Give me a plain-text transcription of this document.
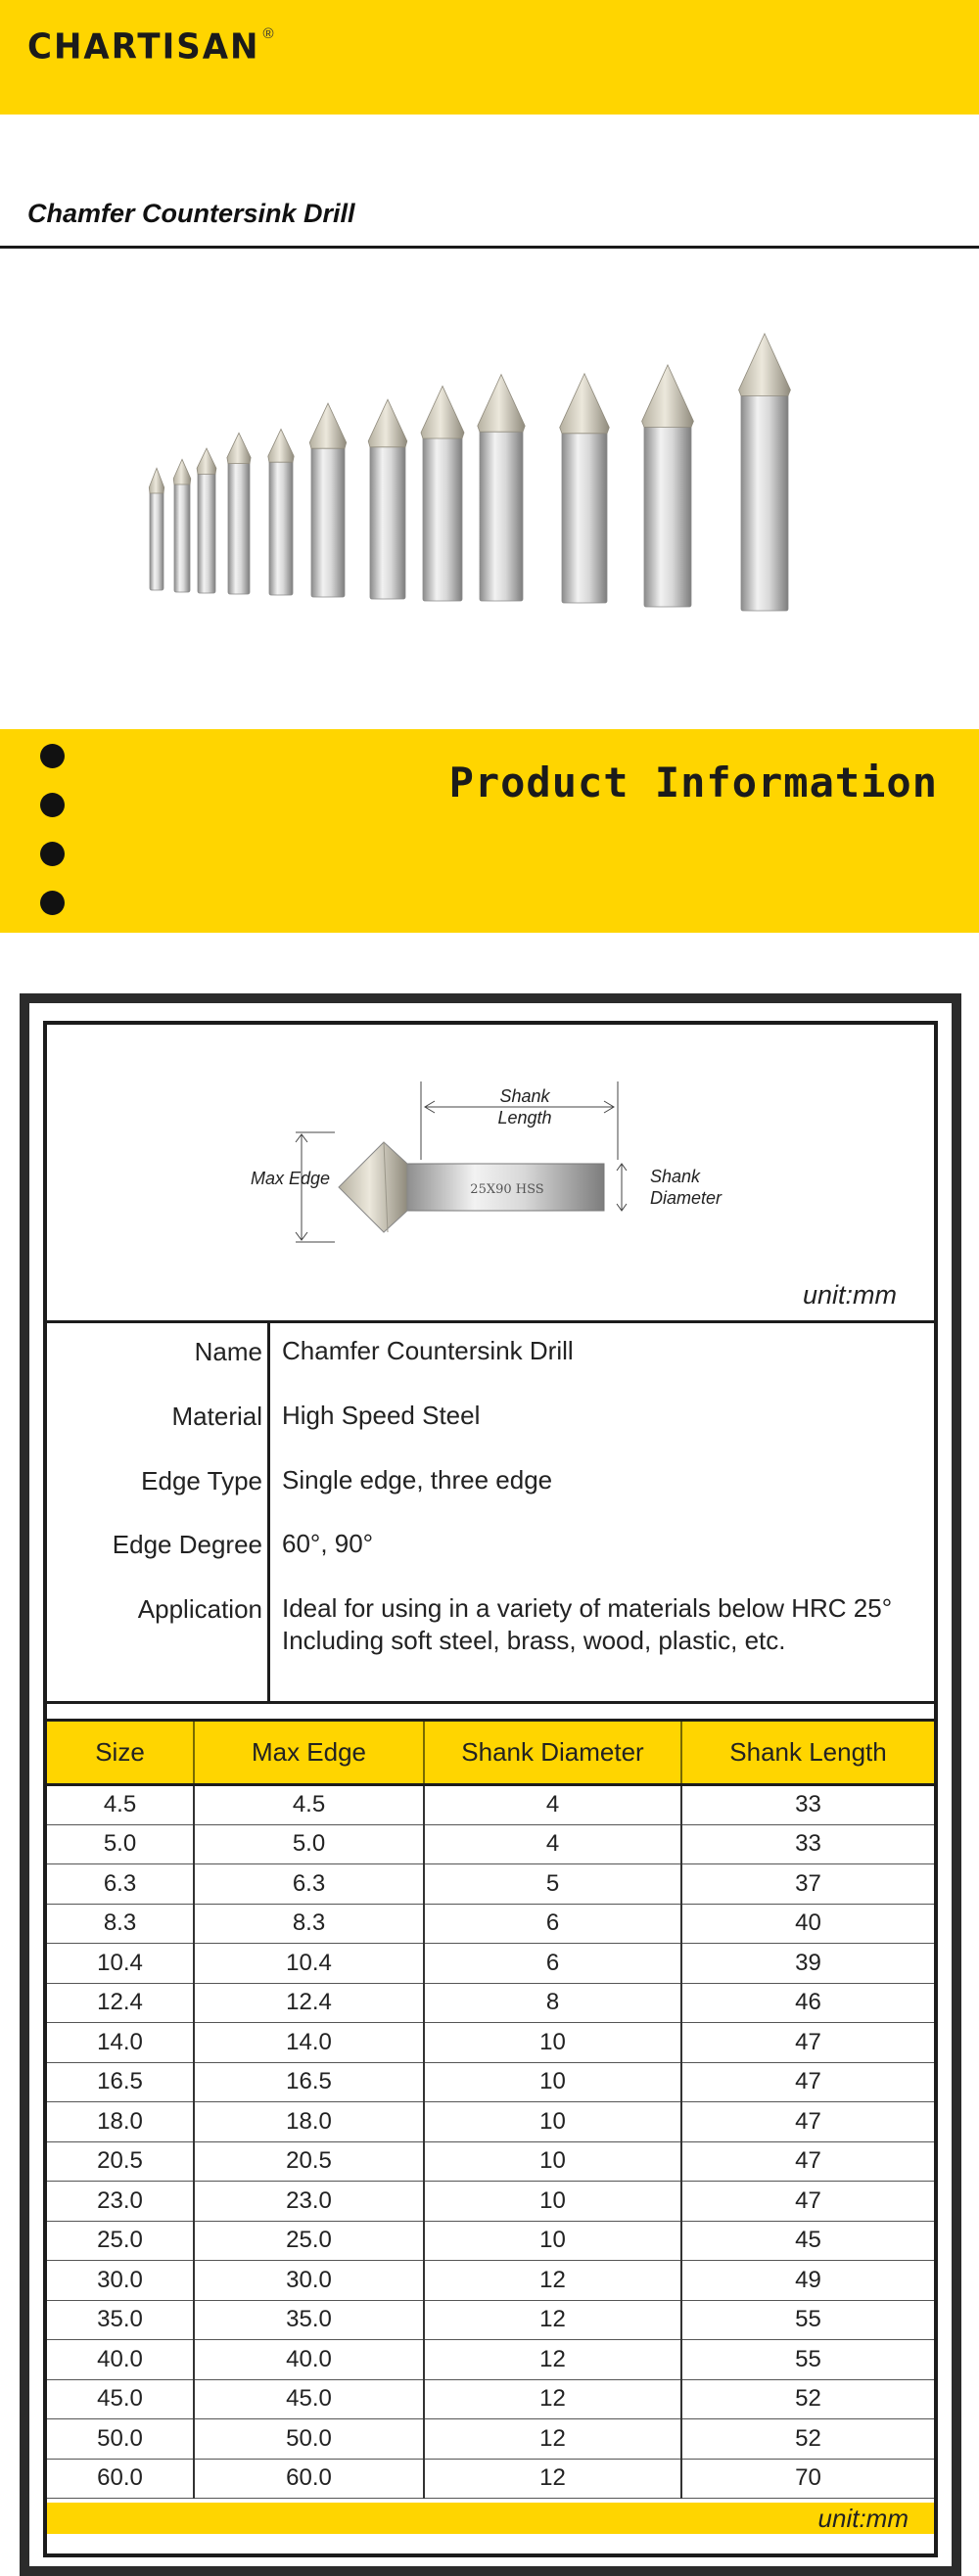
CHARTISAN ®
Chamfer Countersink Drill
Product Information
25X90 HSS
Shank
Length
Max Edge	Shank
Diameter
unit:mm
Name Chamfer Countersink Drill
Material High Speed Steel
Edge Type Single edge, three edge
Edge Degree 60°, 90°
Application Ideal for using in a variety of materials below HRC 25°
Including soft steel, brass, wood, plastic, etc.
Size	Max Edge	Shank Diameter	Shank Length
4.5	4.5	4	33
5.0	5.0	4	33
6.3	6.3	5	37
8.3	8.3	6	40
10.4	10.4	6	39
12.4	12.4	8	46
14.0	14.0	10	47
16.5	16.5	10	47
18.0	18.0	10	47
20.5	20.5	10	47
23.0	23.0	10	47
25.0	25.0	10	45
30.0	30.0	12	49
35.0	35.0	12	55
40.0	40.0	12	55
45.0	45.0	12	52
50.0	50.0	12	52
60.0	60.0	12	70
unit:mm
